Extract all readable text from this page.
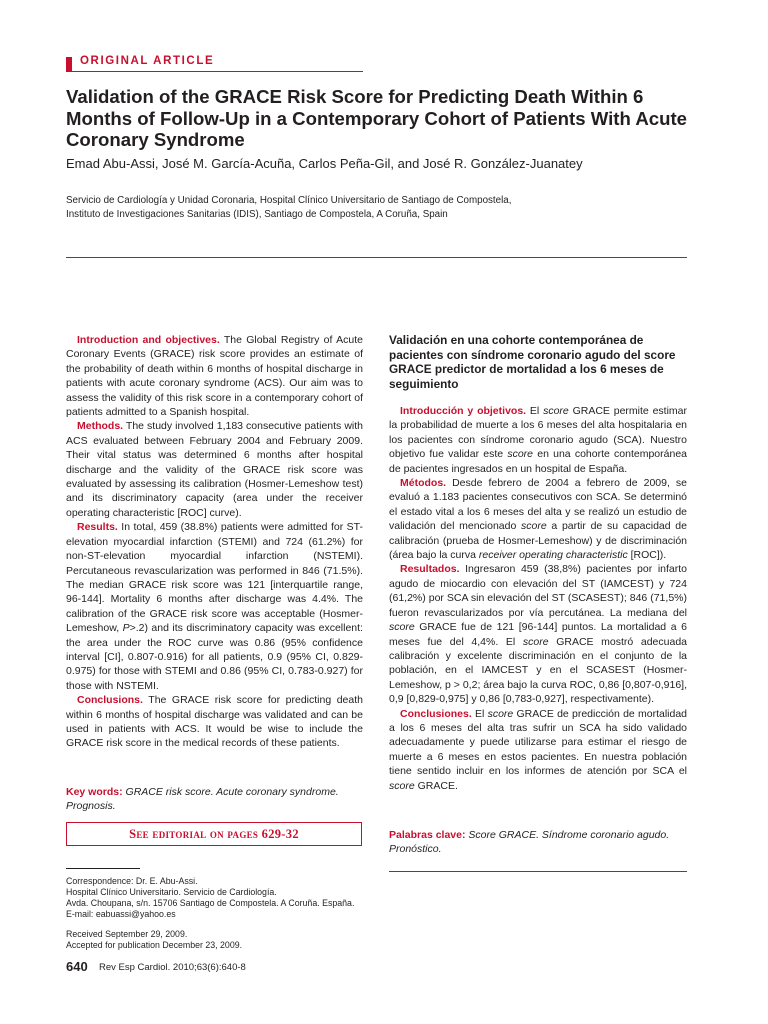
ORIGINAL ARTICLE
Validation of the GRACE Risk Score for Predicting Death Within 6 Months of Follow-Up in a Contemporary Cohort of Patients With Acute Coronary Syndrome
Emad Abu-Assi, José M. García-Acuña, Carlos Peña-Gil, and José R. González-Juanatey
Servicio de Cardiología y Unidad Coronaria, Hospital Clínico Universitario de Santiago de Compostela,
Instituto de Investigaciones Sanitarias (IDIS), Santiago de Compostela, A Coruña, Spain

Introduction and objectives. The Global Registry of Acute Coronary Events (GRACE) risk score provides an estimate of the probability of death within 6 months of hospital discharge in patients with acute coronary syndrome (ACS). Our aim was to assess the validity of this risk score in a contemporary cohort of patients admitted to a Spanish hospital.

Methods. The study involved 1,183 consecutive patients with ACS evaluated between February 2004 and February 2009. Their vital status was determined 6 months after hospital discharge and the validity of the GRACE risk score was evaluated by assessing its calibration (Hosmer-Lemeshow test) and its discriminatory capacity (area under the receiver operating characteristic [ROC] curve).

Results. In total, 459 (38.8%) patients were admitted for ST-elevation myocardial infarction (STEMI) and 724 (61.2%) for non-ST-elevation myocardial infarction (NSTEMI). Percutaneous revascularization was performed in 846 (71.5%). The median GRACE risk score was 121 [interquartile range, 96-144]. Mortality 6 months after discharge was 4.4%. The calibration of the GRACE risk score was acceptable (Hosmer-Lemeshow, P>.2) and its discriminatory capacity was excellent: the area under the ROC curve was 0.86 (95% confidence interval [CI], 0.807-0.916) for all patients, 0.9 (95% CI, 0.829-0.975) for those with STEMI and 0.86 (95% CI, 0.783-0.927) for those with NSTEMI.

Conclusions. The GRACE risk score for predicting death within 6 months of hospital discharge was validated and can be used in patients with ACS. It would be wise to include the GRACE risk score in the medical records of these patients.

Key words: GRACE risk score. Acute coronary syndrome. Prognosis.
See editorial on pages 629-32
Validación en una cohorte contemporánea de pacientes con síndrome coronario agudo del score GRACE predictor de mortalidad a los 6 meses de seguimiento

Introducción y objetivos. El score GRACE permite estimar la probabilidad de muerte a los 6 meses del alta hospitalaria en los pacientes con síndrome coronario agudo (SCA). Nuestro objetivo fue validar este score en una cohorte contemporánea de pacientes ingresados en un hospital de España.

Métodos. Desde febrero de 2004 a febrero de 2009, se evaluó a 1.183 pacientes consecutivos con SCA. Se determinó el estado vital a los 6 meses del alta y se realizó un estudio de validación del mencionado score a partir de su capacidad de calibración (prueba de Hosmer-Lemeshow) y de discriminación (área bajo la curva receiver operating characteristic [ROC]).

Resultados. Ingresaron 459 (38,8%) pacientes por infarto agudo de miocardio con elevación del ST (IAMCEST) y 724 (61,2%) por SCA sin elevación del ST (SCASEST); 846 (71,5%) fueron revascularizados por vía percutánea. La mediana del score GRACE fue de 121 [96-144] puntos. La mortalidad a 6 meses fue del 4,4%. El score GRACE mostró adecuada calibración y excelente discriminación en el conjunto de la población, en el IAMCEST y en el SCASEST (Hosmer-Lemeshow, p > 0,2; área bajo la curva ROC, 0,86 [0,807-0,916], 0,9 [0,829-0,975] y 0,86 [0,783-0,927], respectivamente).

Conclusiones. El score GRACE de predicción de mortalidad a los 6 meses del alta tras sufrir un SCA ha sido validado adecuadamente y puede utilizarse para estimar el riesgo de muerte a 6 meses en estos pacientes. En nuestra población tiene sentido incluir en los informes de atención por SCA el score GRACE.

Palabras clave: Score GRACE. Síndrome coronario agudo. Pronóstico.
Correspondence: Dr. E. Abu-Assi.
Hospital Clínico Universitario. Servicio de Cardiología.
Avda. Choupana, s/n. 15706 Santiago de Compostela. A Coruña. España.
E-mail: eabuassi@yahoo.es
Received September 29, 2009.
Accepted for publication December 23, 2009.
640 Rev Esp Cardiol. 2010;63(6):640-8
